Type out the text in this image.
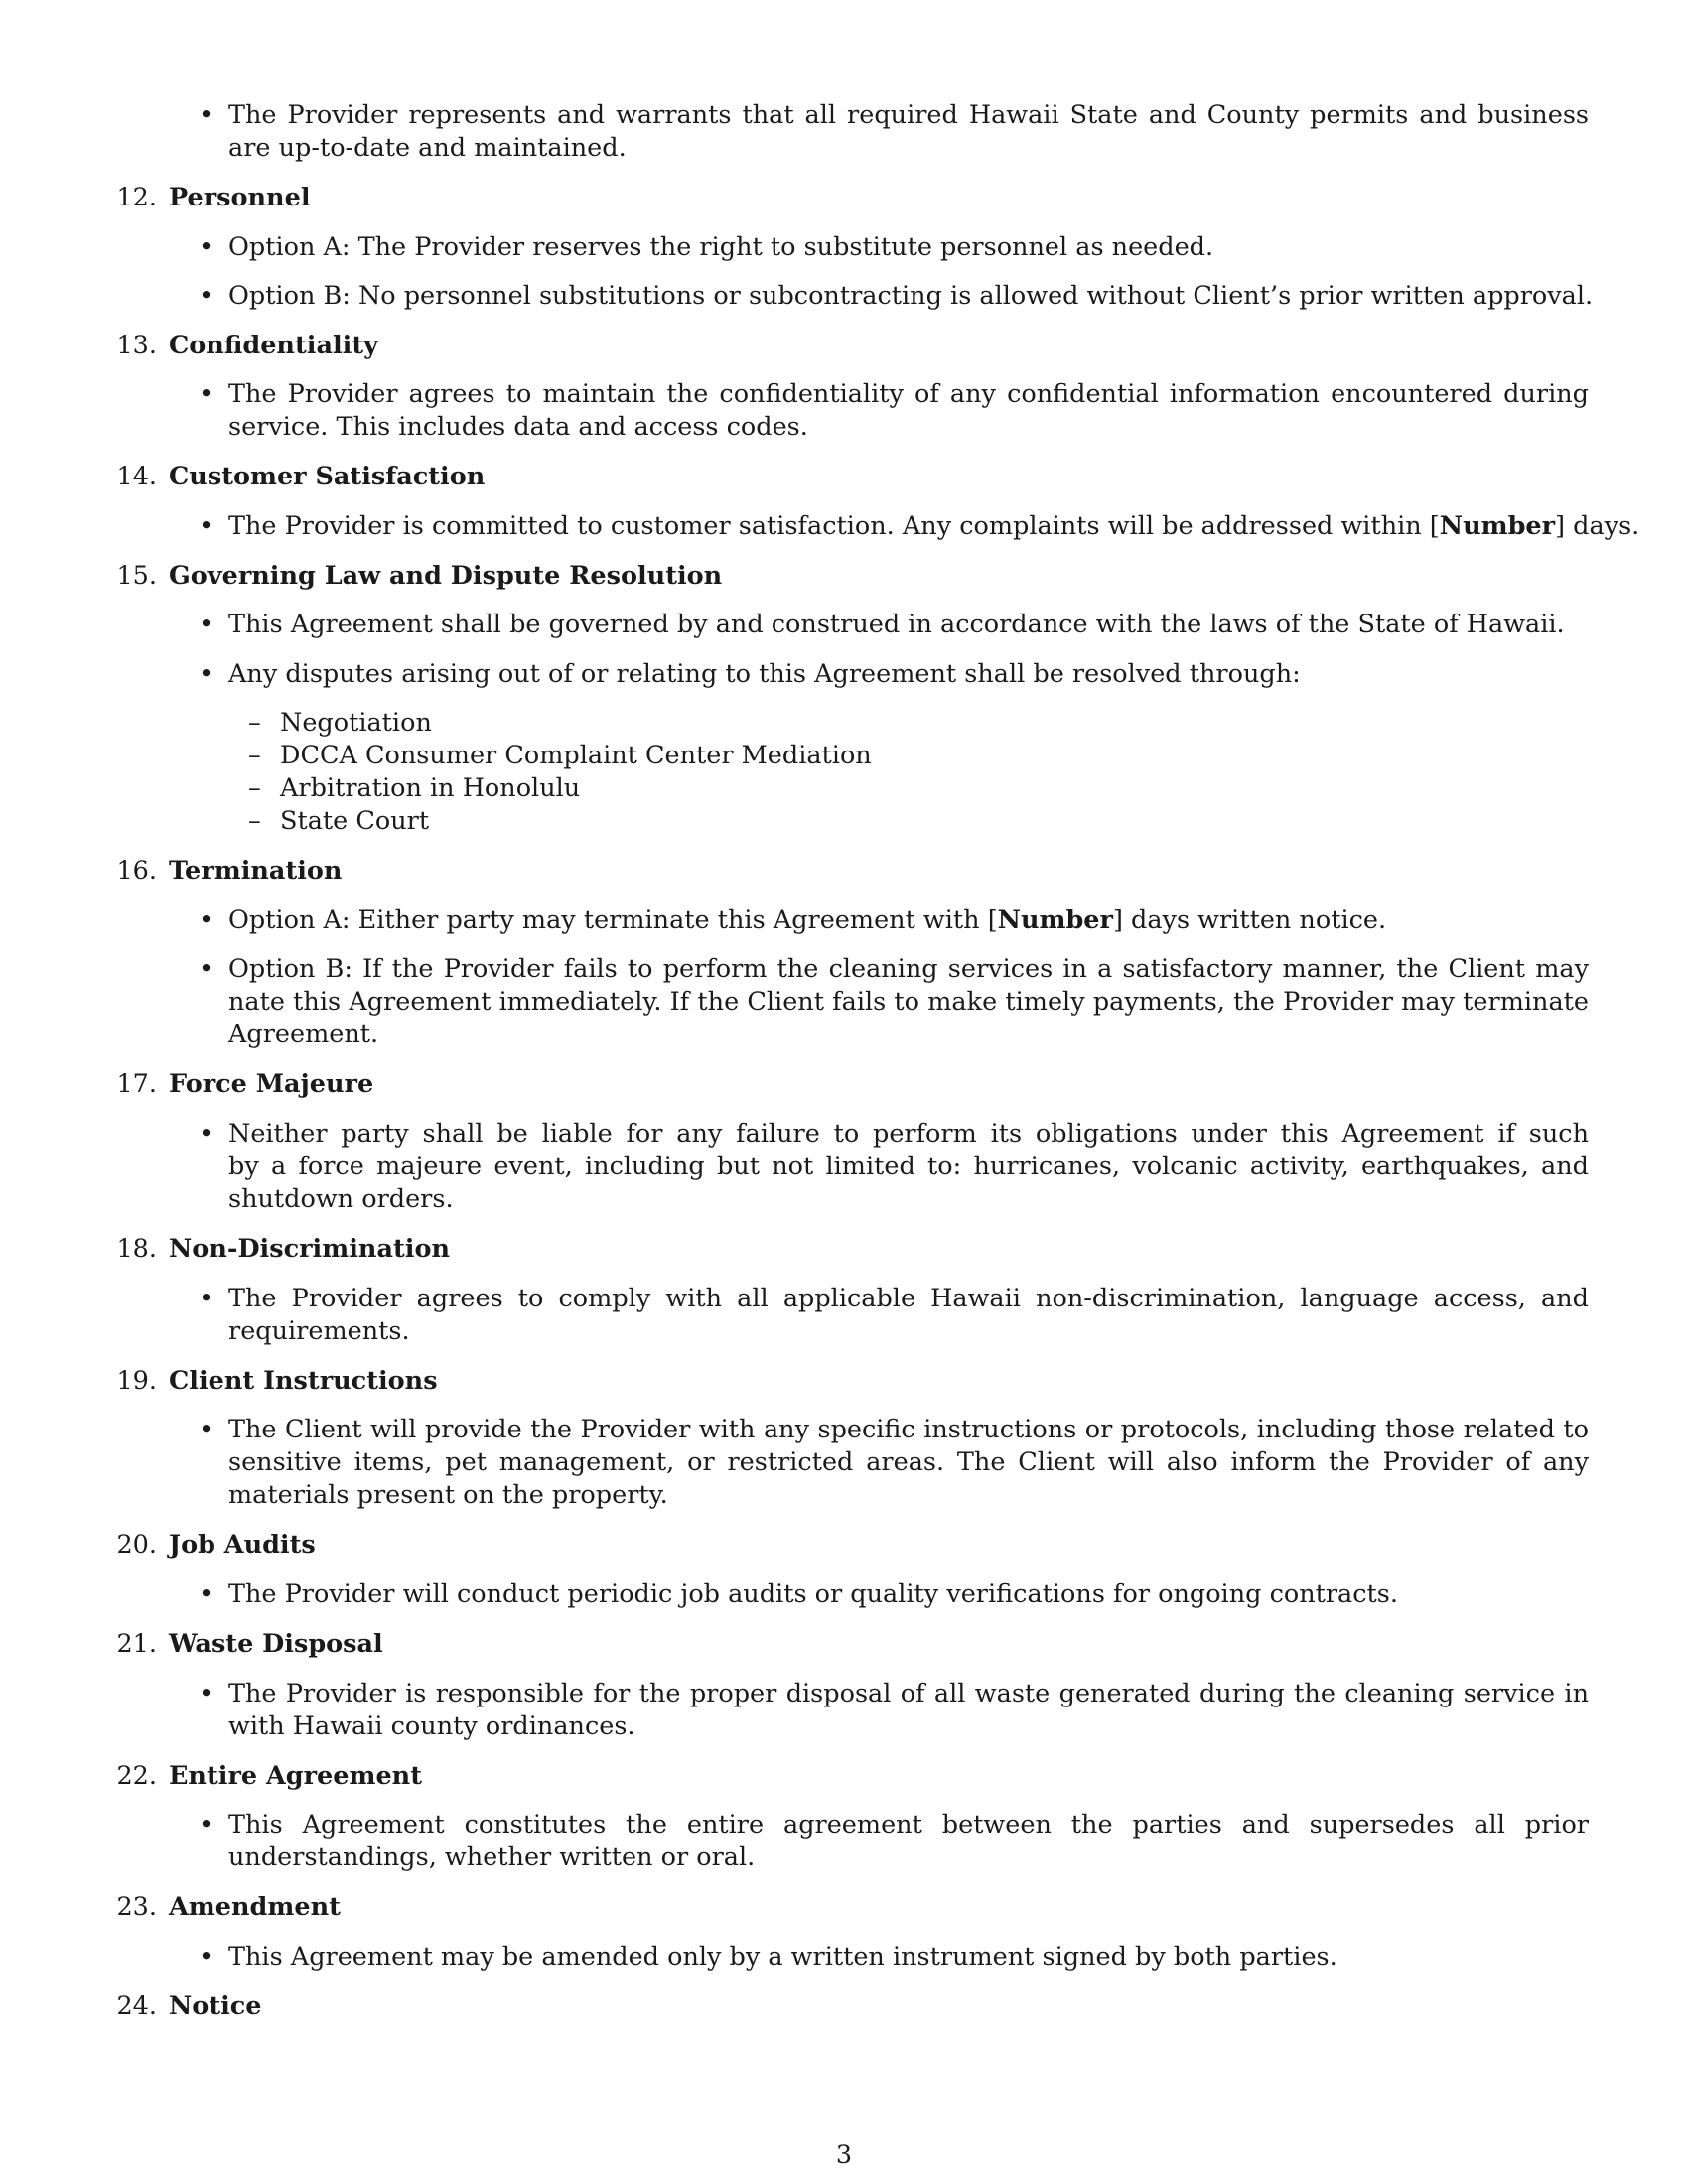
• The Provider represents and warrants that all required Hawaii State and County permits and business
are up-to-date and maintained.
12. Personnel
• Option A: The Provider reserves the right to substitute personnel as needed.
• Option B: No personnel substitutions or subcontracting is allowed without Client’s prior written approval.
13. Confidentiality
• The Provider agrees to maintain the confidentiality of any confidential information encountered during
service. This includes data and access codes.
14. Customer Satisfaction
• The Provider is committed to customer satisfaction. Any complaints will be addressed within [Number] days.
15. Governing Law and Dispute Resolution
• This Agreement shall be governed by and construed in accordance with the laws of the State of Hawaii.
• Any disputes arising out of or relating to this Agreement shall be resolved through:
– Negotiation
– DCCA Consumer Complaint Center Mediation
– Arbitration in Honolulu
– State Court
16. Termination
• Option A: Either party may terminate this Agreement with [Number] days written notice.
• Option B: If the Provider fails to perform the cleaning services in a satisfactory manner, the Client may
nate this Agreement immediately. If the Client fails to make timely payments, the Provider may terminate
Agreement.
17. Force Majeure
• Neither party shall be liable for any failure to perform its obligations under this Agreement if such
by a force majeure event, including but not limited to: hurricanes, volcanic activity, earthquakes, and
shutdown orders.
18. Non-Discrimination
• The Provider agrees to comply with all applicable Hawaii non-discrimination, language access, and
requirements.
19. Client Instructions
• The Client will provide the Provider with any specific instructions or protocols, including those related to
sensitive items, pet management, or restricted areas. The Client will also inform the Provider of any
materials present on the property.
20. Job Audits
• The Provider will conduct periodic job audits or quality verifications for ongoing contracts.
21. Waste Disposal
• The Provider is responsible for the proper disposal of all waste generated during the cleaning service in
with Hawaii county ordinances.
22. Entire Agreement
• This Agreement constitutes the entire agreement between the parties and supersedes all prior
understandings, whether written or oral.
23. Amendment
• This Agreement may be amended only by a written instrument signed by both parties.
24. Notice
3
